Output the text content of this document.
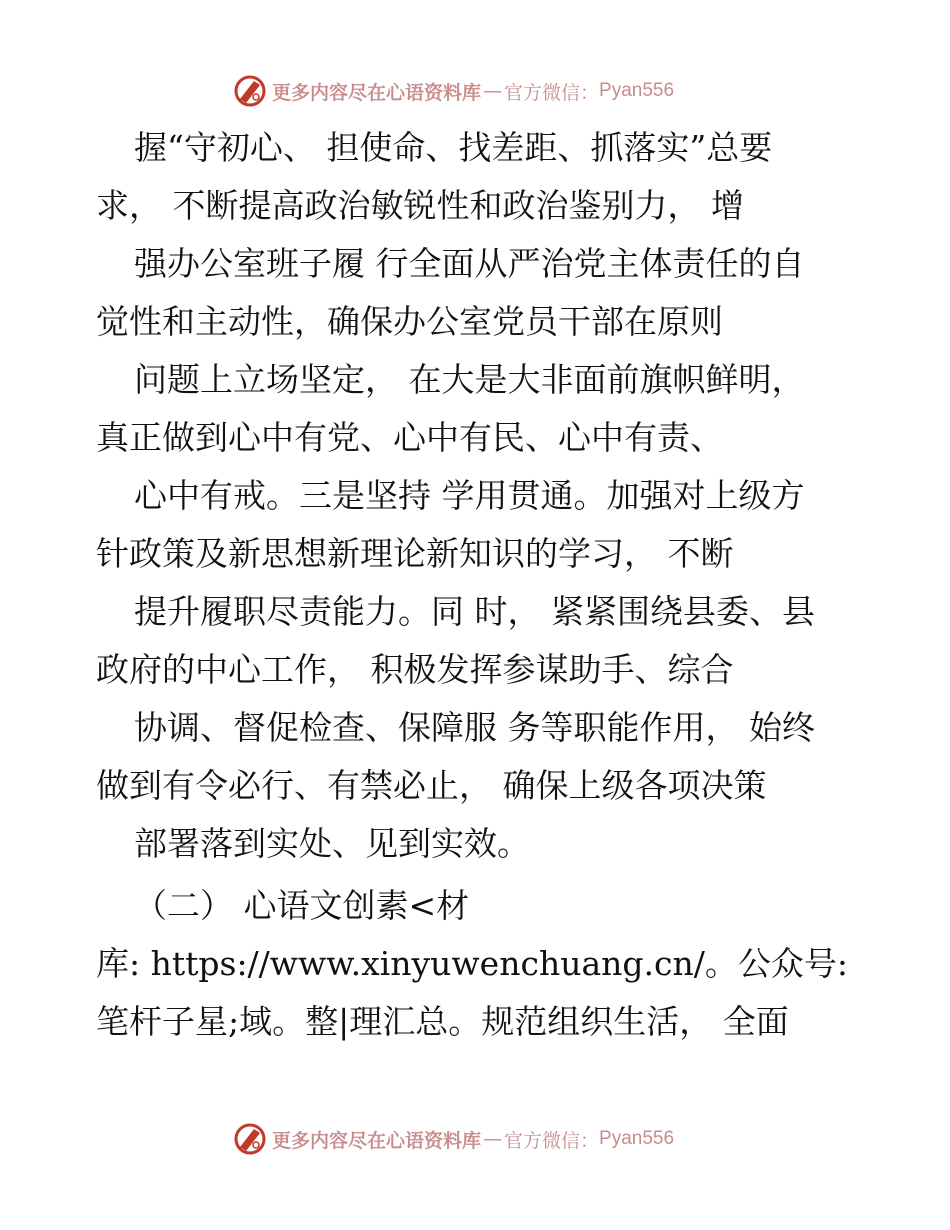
更多内容尽在心语资料库 — 官方微信： Pyan556
握“守初心、 担使命、找差距、抓落实”总要
求， 不断提高政治敏锐性和政治鉴别力， 增
强办公室班子履 行全面从严治党主体责任的自
觉性和主动性，确保办公室党员干部在原则
问题上立场坚定， 在大是大非面前旗帜鲜明，
真正做到心中有党、心中有民、心中有责、
心中有戒。三是坚持 学用贯通。加强对上级方
针政策及新思想新理论新知识的学习， 不断
提升履职尽责能力。同 时， 紧紧围绕县委、县
政府的中心工作， 积极发挥参谋助手、综合
协调、督促检查、保障服 务等职能作用， 始终
做到有令必行、有禁必止， 确保上级各项决策
部署落到实处、见到实效。
（二） 心语文创素<材
库: https://www.xinyuwenchuang.cn/。公众号:
笔杆子星;域。整|理汇总。规范组织生活， 全面
更多内容尽在心语资料库 — 官方微信： Pyan556
